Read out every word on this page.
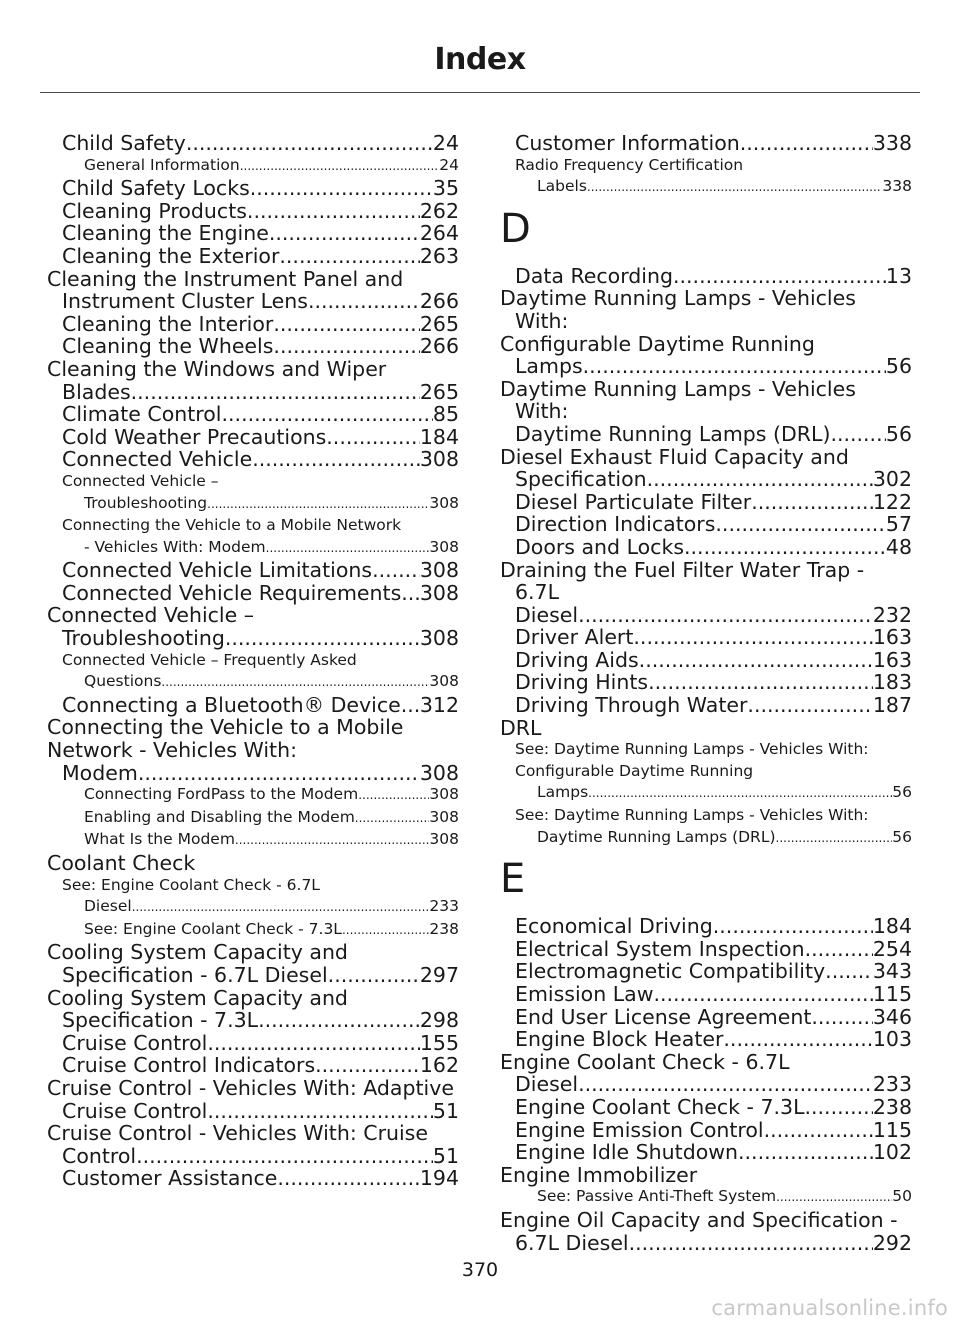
Index
Child Safety .....	24
General Information .....	24
Child Safety Locks .....	35
Cleaning Products .....	262
Cleaning the Engine .....	264
Cleaning the Exterior .....	263
Cleaning the Instrument Panel and
Instrument Cluster Lens .....	266
Cleaning the Interior .....	265
Cleaning the Wheels .....	266
Cleaning the Windows and Wiper
Blades .....	265
Climate Control .....	85
Cold Weather Precautions .....	184
Connected Vehicle .....	308
Connected Vehicle –
Troubleshooting .....	308
Connecting the Vehicle to a Mobile Network
- Vehicles With: Modem .....	308
Connected Vehicle Limitations ..... 308
Connected Vehicle Requirements ..... 308
Connected Vehicle –
Troubleshooting .....	308
Connected Vehicle – Frequently Asked
Questions .....	308
Connecting a Bluetooth® Device ..... 312
Connecting the Vehicle to a Mobile
Network - Vehicles With:
Modem .....	308
Connecting FordPass to the Modem .....	308
Enabling and Disabling the Modem .....	308
What Is the Modem .....	308
Coolant Check
See: Engine Coolant Check - 6.7L
Diesel .....	233
See: Engine Coolant Check - 7.3L .....	238
Cooling System Capacity and
Specification - 6.7L Diesel .....	297
Cooling System Capacity and
Specification - 7.3L .....	298
Cruise Control .....	155
Cruise Control Indicators .....	162
Cruise Control - Vehicles With: Adaptive
Cruise Control .....	51
Cruise Control - Vehicles With: Cruise
Control .....	51
Customer Assistance .....	194
Customer Information .....	338
Radio Frequency Certification
Labels .....	338
D
Data Recording .....	13
Daytime Running Lamps - Vehicles With:
Configurable Daytime Running
Lamps .....	56
Daytime Running Lamps - Vehicles With:
Daytime Running Lamps (DRL) .....	56
Diesel Exhaust Fluid Capacity and
Specification .....	302
Diesel Particulate Filter .....	122
Direction Indicators .....	57
Doors and Locks .....	48
Draining the Fuel Filter Water Trap - 6.7L
Diesel .....	232
Driver Alert .....	163
Driving Aids .....	163
Driving Hints .....	183
Driving Through Water .....	187
DRL
See: Daytime Running Lamps - Vehicles With:
Configurable Daytime Running
Lamps .....	56
See: Daytime Running Lamps - Vehicles With:
Daytime Running Lamps (DRL) .....	56
E
Economical Driving .....	184
Electrical System Inspection .....	254
Electromagnetic Compatibility ..... 343
Emission Law .....	115
End User License Agreement .....	346
Engine Block Heater .....	103
Engine Coolant Check - 6.7L
Diesel .....	233
Engine Coolant Check - 7.3L .....	238
Engine Emission Control .....	115
Engine Idle Shutdown .....	102
Engine Immobilizer
See: Passive Anti-Theft System .....	50
Engine Oil Capacity and Specification -
6.7L Diesel .....	292
370
carmanualsonline.info
